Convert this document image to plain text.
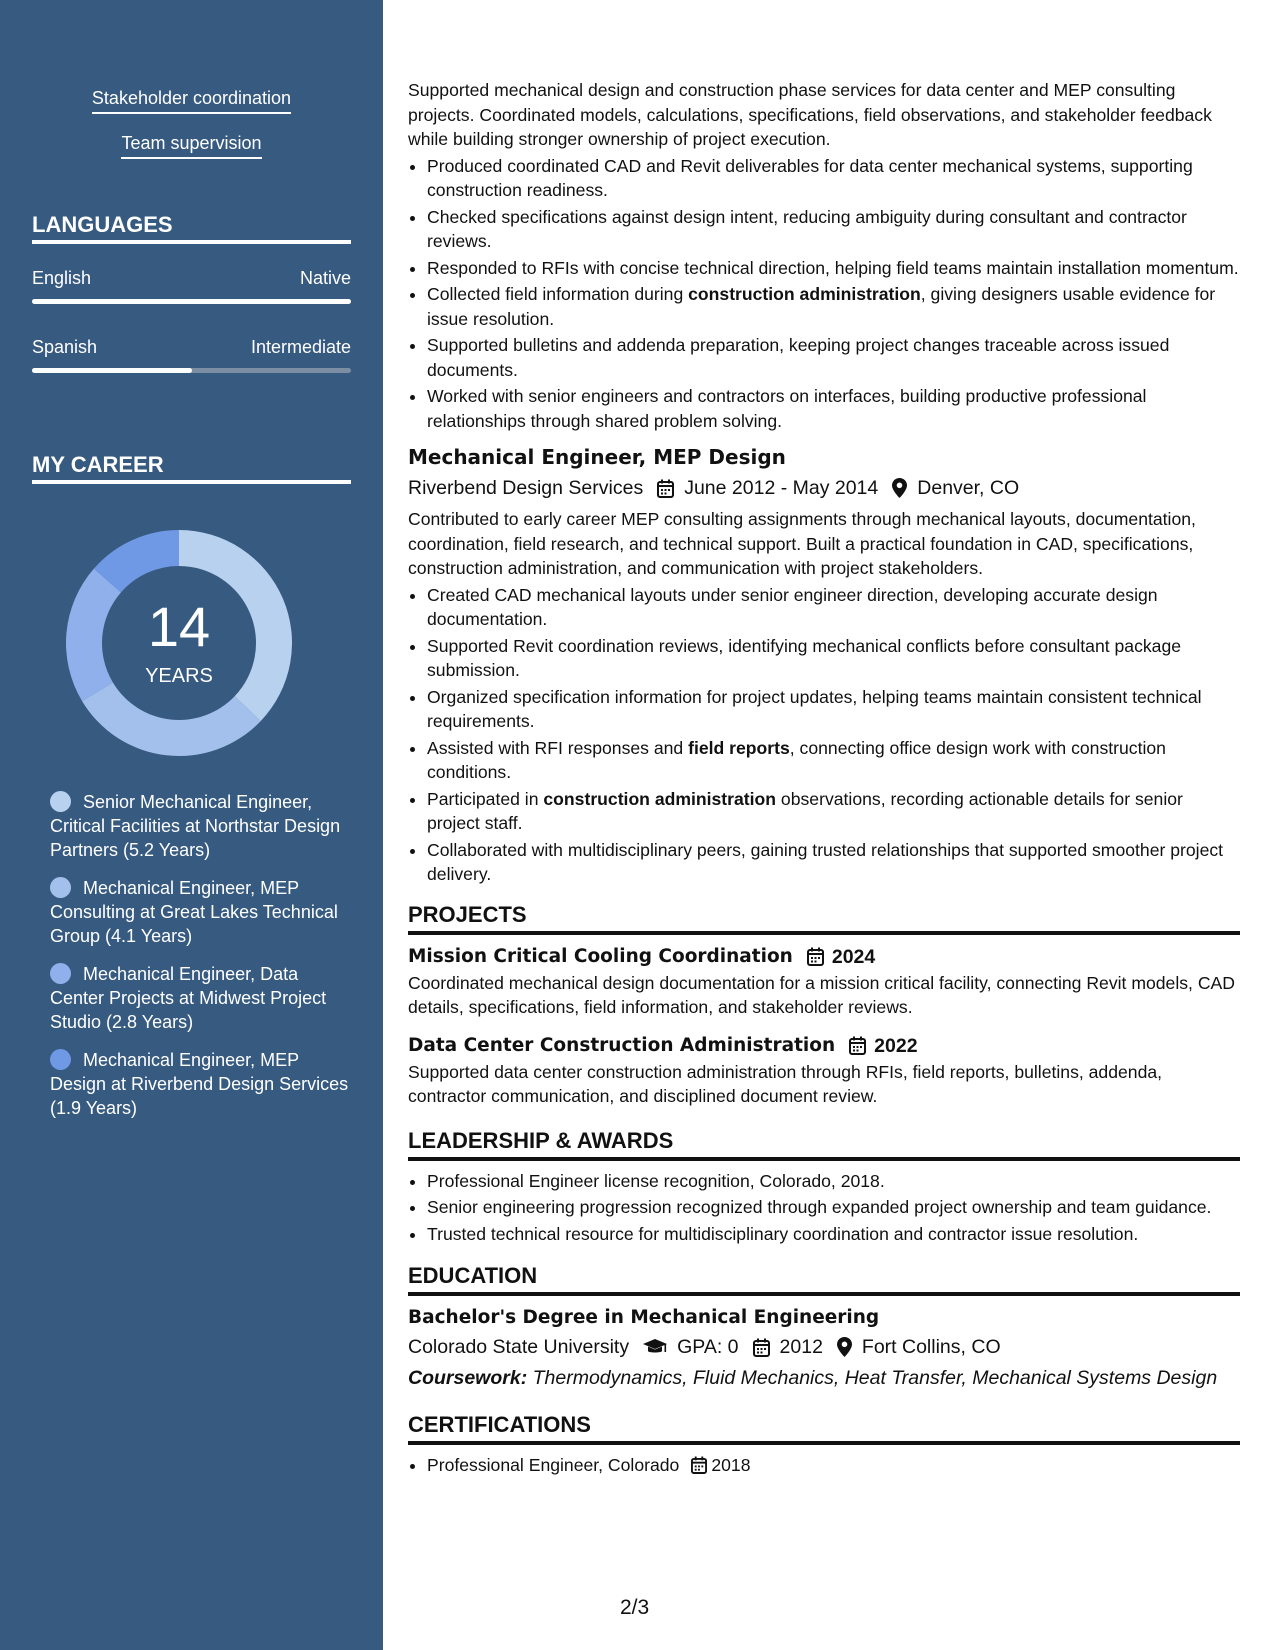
Stakeholder coordination
Team supervision
LANGUAGES
English	Native
Spanish	Intermediate
MY CAREER
14
YEARS
Senior Mechanical Engineer, Critical Facilities at Northstar Design Partners (5.2 Years)
Mechanical Engineer, MEP Consulting at Great Lakes Technical Group (4.1 Years)
Mechanical Engineer, Data Center Projects at Midwest Project Studio (2.8 Years)
Mechanical Engineer, MEP Design at Riverbend Design Services (1.9 Years)

Supported mechanical design and construction phase services for data center and MEP consulting projects. Coordinated models, calculations, specifications, field observations, and stakeholder feedback while building stronger ownership of project execution.

• Produced coordinated CAD and Revit deliverables for data center mechanical systems, supporting construction readiness.
• Checked specifications against design intent, reducing ambiguity during consultant and contractor reviews.
• Responded to RFIs with concise technical direction, helping field teams maintain installation momentum.
• Collected field information during construction administration, giving designers usable evidence for issue resolution.
• Supported bulletins and addenda preparation, keeping project changes traceable across issued documents.
• Worked with senior engineers and contractors on interfaces, building productive professional relationships through shared problem solving.
Mechanical Engineer, MEP Design
Riverbend Design Services June 2012 - May 2014 Denver, CO

Contributed to early career MEP consulting assignments through mechanical layouts, documentation, coordination, field research, and technical support. Built a practical foundation in CAD, specifications, construction administration, and communication with project stakeholders.

• Created CAD mechanical layouts under senior engineer direction, developing accurate design documentation.
• Supported Revit coordination reviews, identifying mechanical conflicts before consultant package submission.
• Organized specification information for project updates, helping teams maintain consistent technical requirements.
• Assisted with RFI responses and field reports, connecting office design work with construction conditions.
• Participated in construction administration observations, recording actionable details for senior project staff.
• Collaborated with multidisciplinary peers, gaining trusted relationships that supported smoother project delivery.
PROJECTS
Mission Critical Cooling Coordination 2024

Coordinated mechanical design documentation for a mission critical facility, connecting Revit models, CAD details, specifications, field information, and stakeholder reviews.

Data Center Construction Administration 2022

Supported data center construction administration through RFIs, field reports, bulletins, addenda, contractor communication, and disciplined document review.

LEADERSHIP & AWARDS
• Professional Engineer license recognition, Colorado, 2018.
• Senior engineering progression recognized through expanded project ownership and team guidance.
• Trusted technical resource for multidisciplinary coordination and contractor issue resolution.
EDUCATION
Bachelor's Degree in Mechanical Engineering
Colorado State University GPA: 0 2012 Fort Collins, CO

Coursework: Thermodynamics, Fluid Mechanics, Heat Transfer, Mechanical Systems Design

CERTIFICATIONS
• Professional Engineer, Colorado 2018
2/3
